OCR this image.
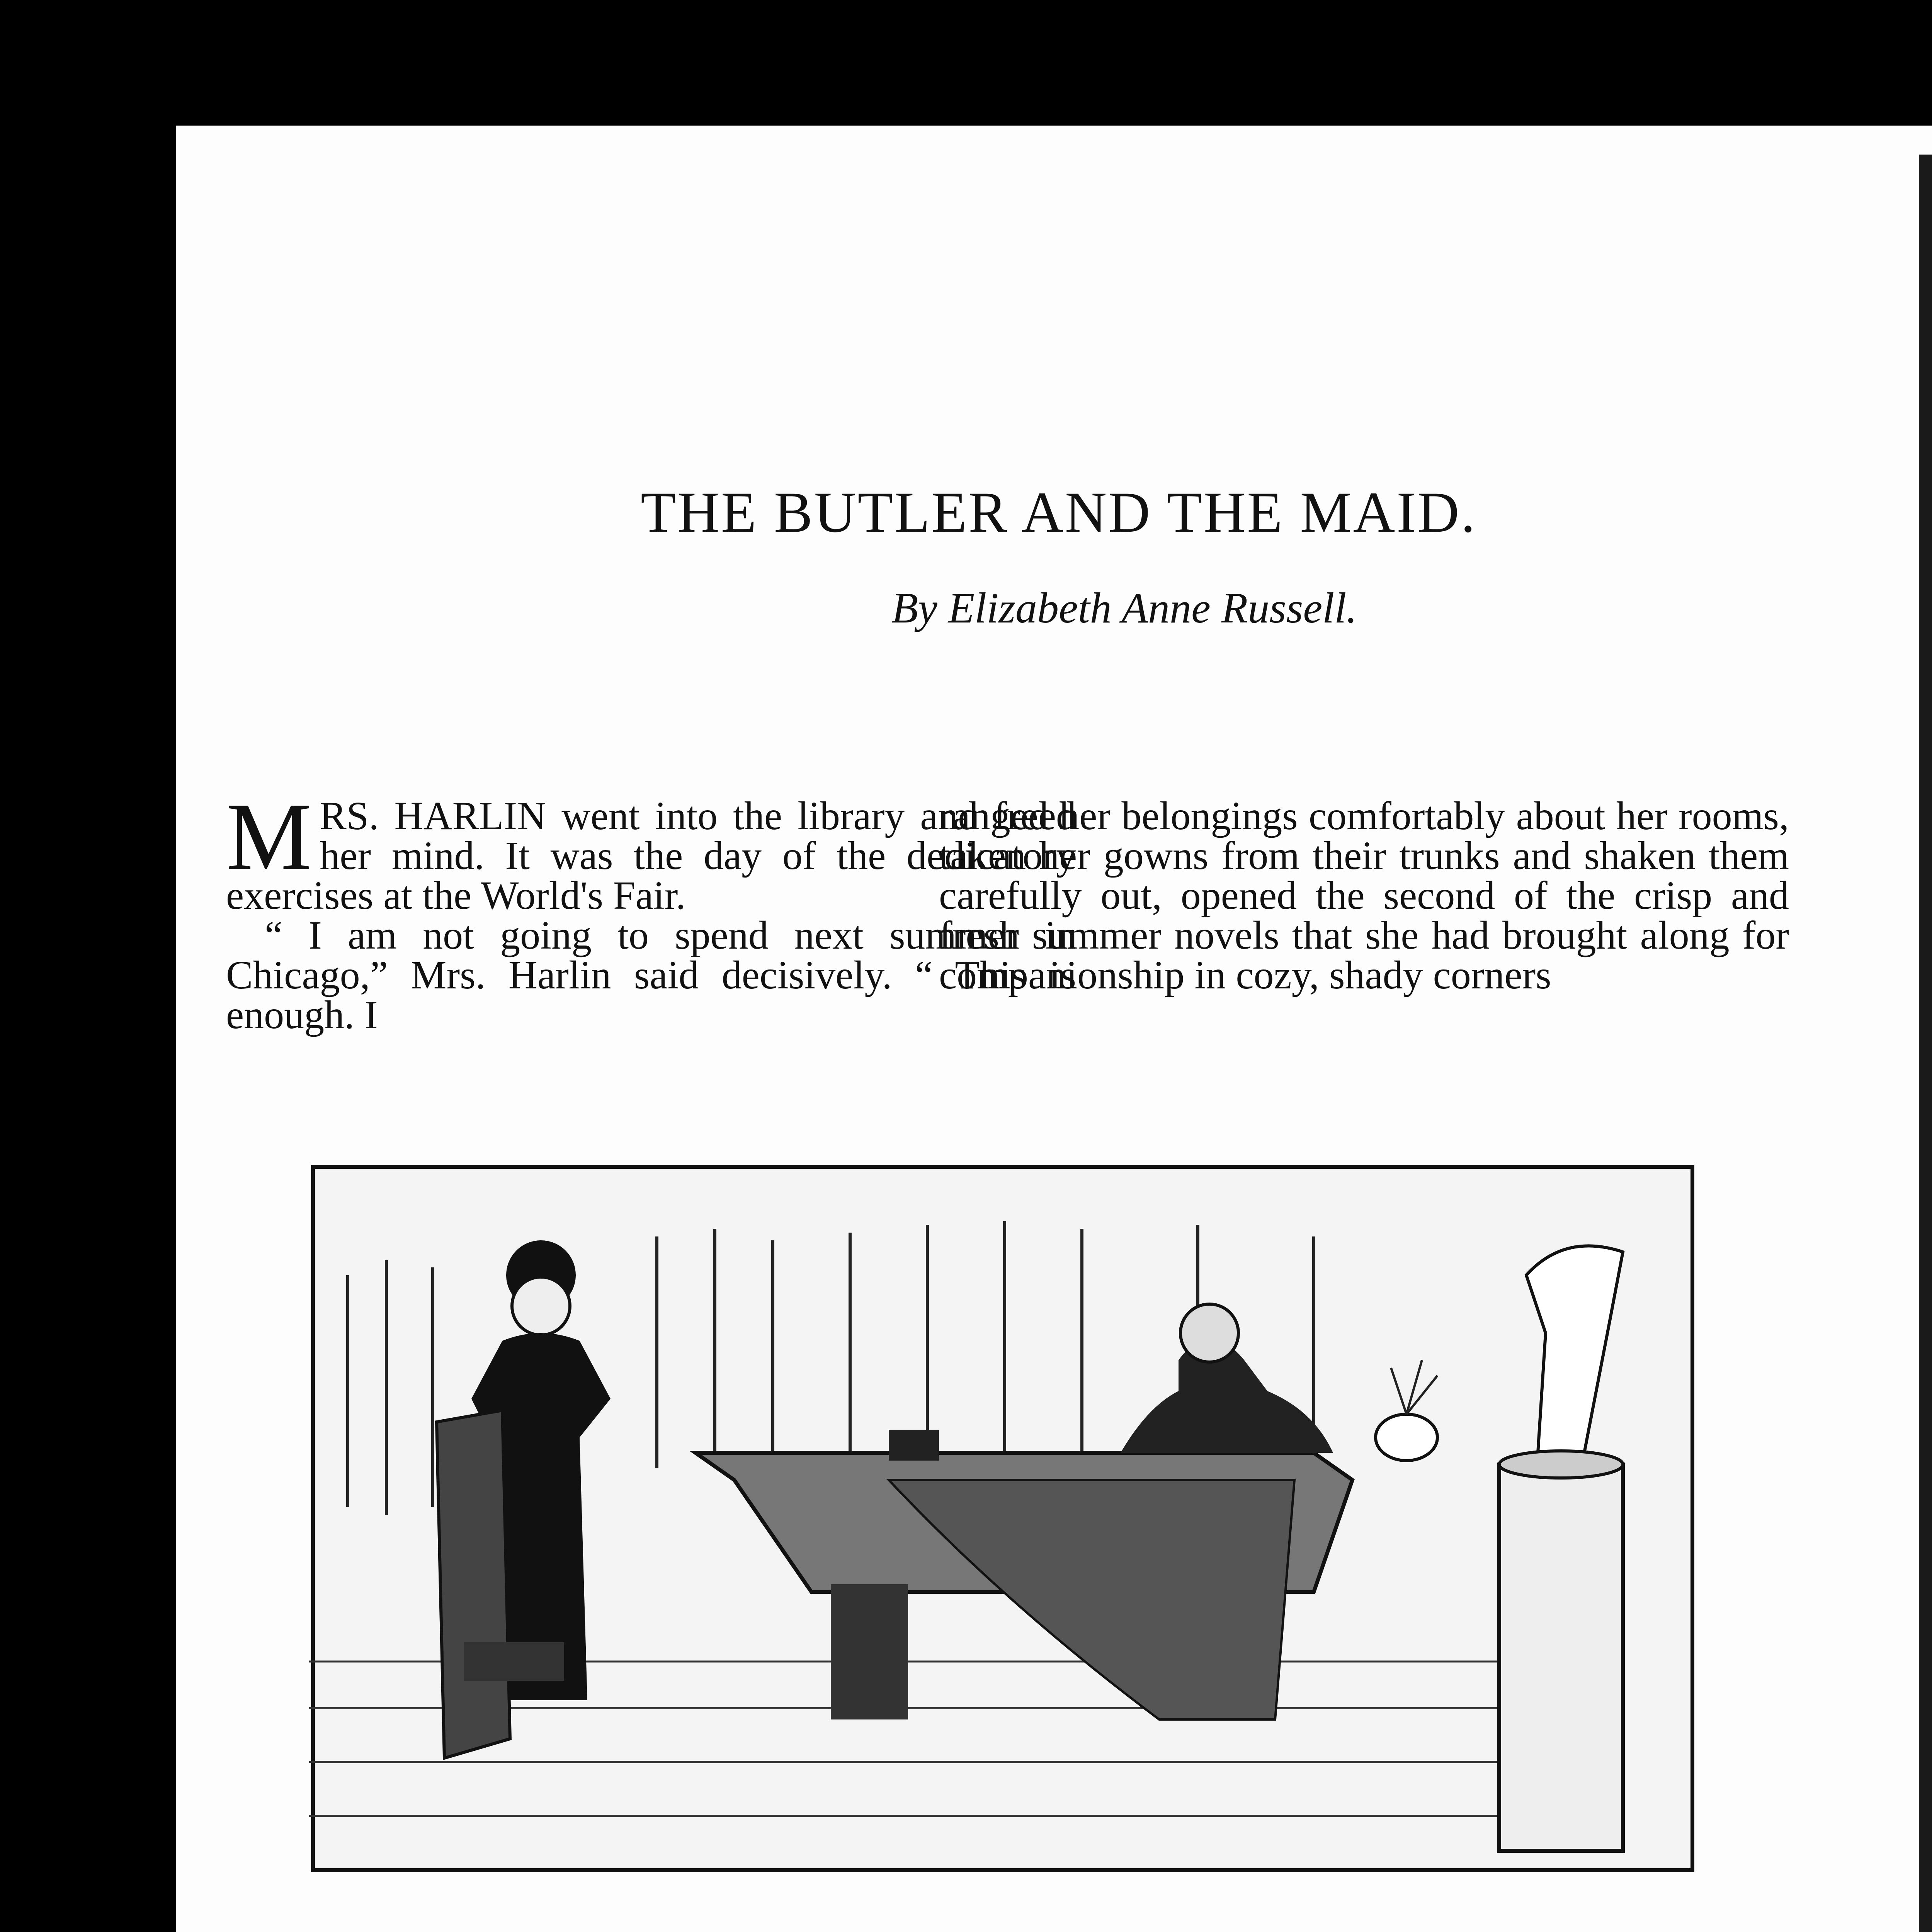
THE BUTLER AND THE MAID.
By Elizabeth Anne Russell.
M RS. HARLIN went into the library and freed her mind. It was the day of the dedicatory exercises at the World's Fair.

“ I am not going to spend next summer in Chicago,” Mrs. Harlin said decisively. “ This is enough. I

ranged her belongings comfortably about her rooms, taken her gowns from their trunks and shaken them carefully out, opened the second of the crisp and fresh summer novels that she had brought along for companionship in cozy, shady corners
